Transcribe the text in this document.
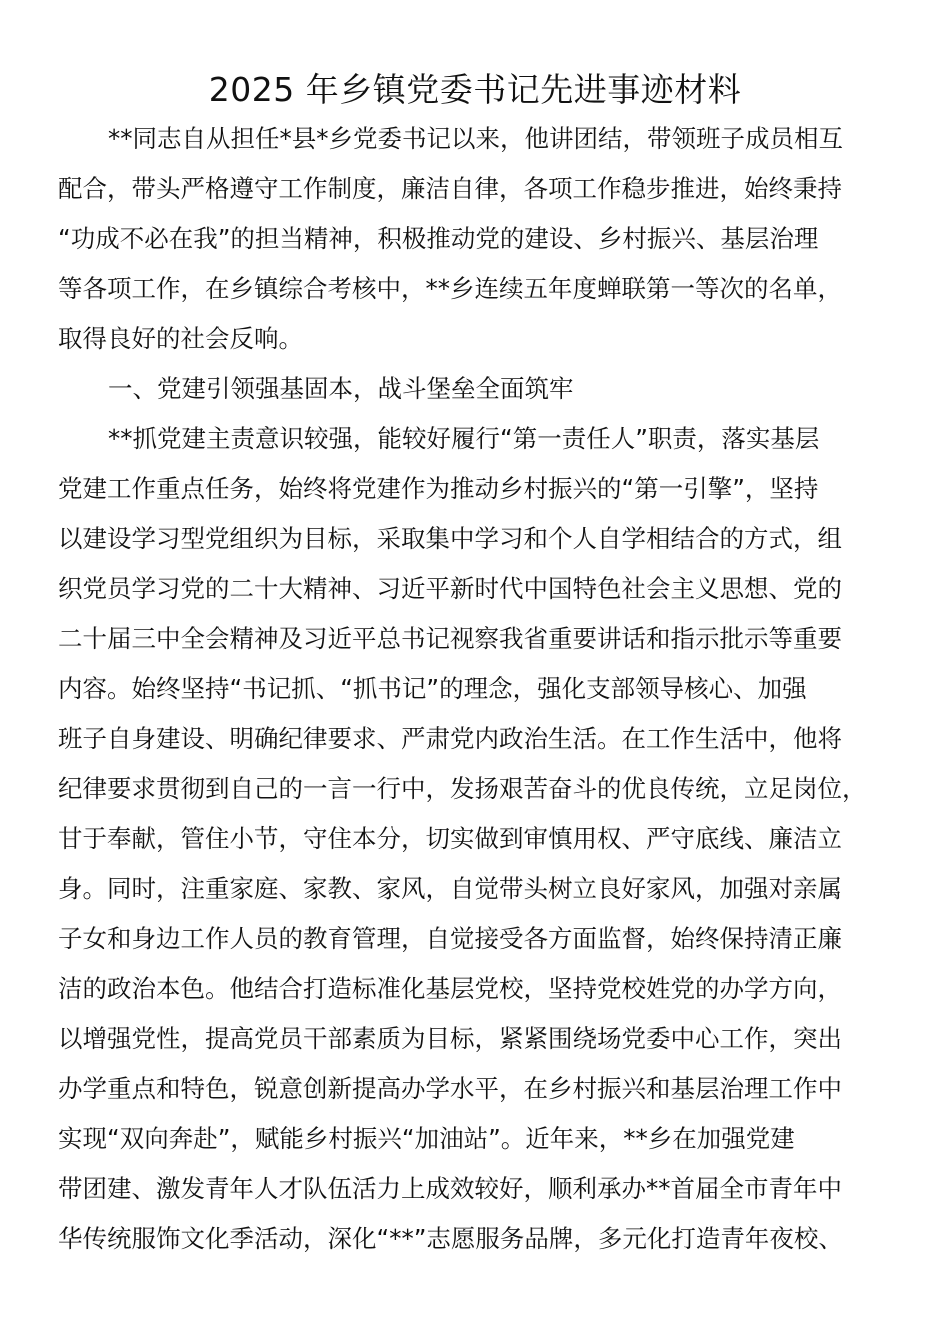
2025 年乡镇党委书记先进事迹材料

**同志自从担任*县*乡党委书记以来，他讲团结，带领班子成员相互

配合，带头严格遵守工作制度，廉洁自律，各项工作稳步推进，始终秉持

“功成不必在我”的担当精神，积极推动党的建设、乡村振兴、基层治理

等各项工作，在乡镇综合考核中，**乡连续五年度蝉联第一等次的名单，

取得良好的社会反响。

一、党建引领强基固本，战斗堡垒全面筑牢

**抓党建主责意识较强，能较好履行“第一责任人”职责，落实基层

党建工作重点任务，始终将党建作为推动乡村振兴的“第一引擎”，坚持

以建设学习型党组织为目标，采取集中学习和个人自学相结合的方式，组

织党员学习党的二十大精神、习近平新时代中国特色社会主义思想、党的

二十届三中全会精神及习近平总书记视察我省重要讲话和指示批示等重要

内容。始终坚持“书记抓、“抓书记”的理念，强化支部领导核心、加强

班子自身建设、明确纪律要求、严肃党内政治生活。在工作生活中，他将

纪律要求贯彻到自己的一言一行中，发扬艰苦奋斗的优良传统，立足岗位，

甘于奉献，管住小节，守住本分，切实做到审慎用权、严守底线、廉洁立

身。同时，注重家庭、家教、家风，自觉带头树立良好家风，加强对亲属

子女和身边工作人员的教育管理，自觉接受各方面监督，始终保持清正廉

洁的政治本色。他结合打造标准化基层党校，坚持党校姓党的办学方向，

以增强党性，提高党员干部素质为目标，紧紧围绕场党委中心工作，突出

办学重点和特色，锐意创新提高办学水平，在乡村振兴和基层治理工作中

实现“双向奔赴”，赋能乡村振兴“加油站”。近年来，**乡在加强党建

带团建、激发青年人才队伍活力上成效较好，顺利承办**首届全市青年中

华传统服饰文化季活动，深化“**”志愿服务品牌，多元化打造青年夜校、
